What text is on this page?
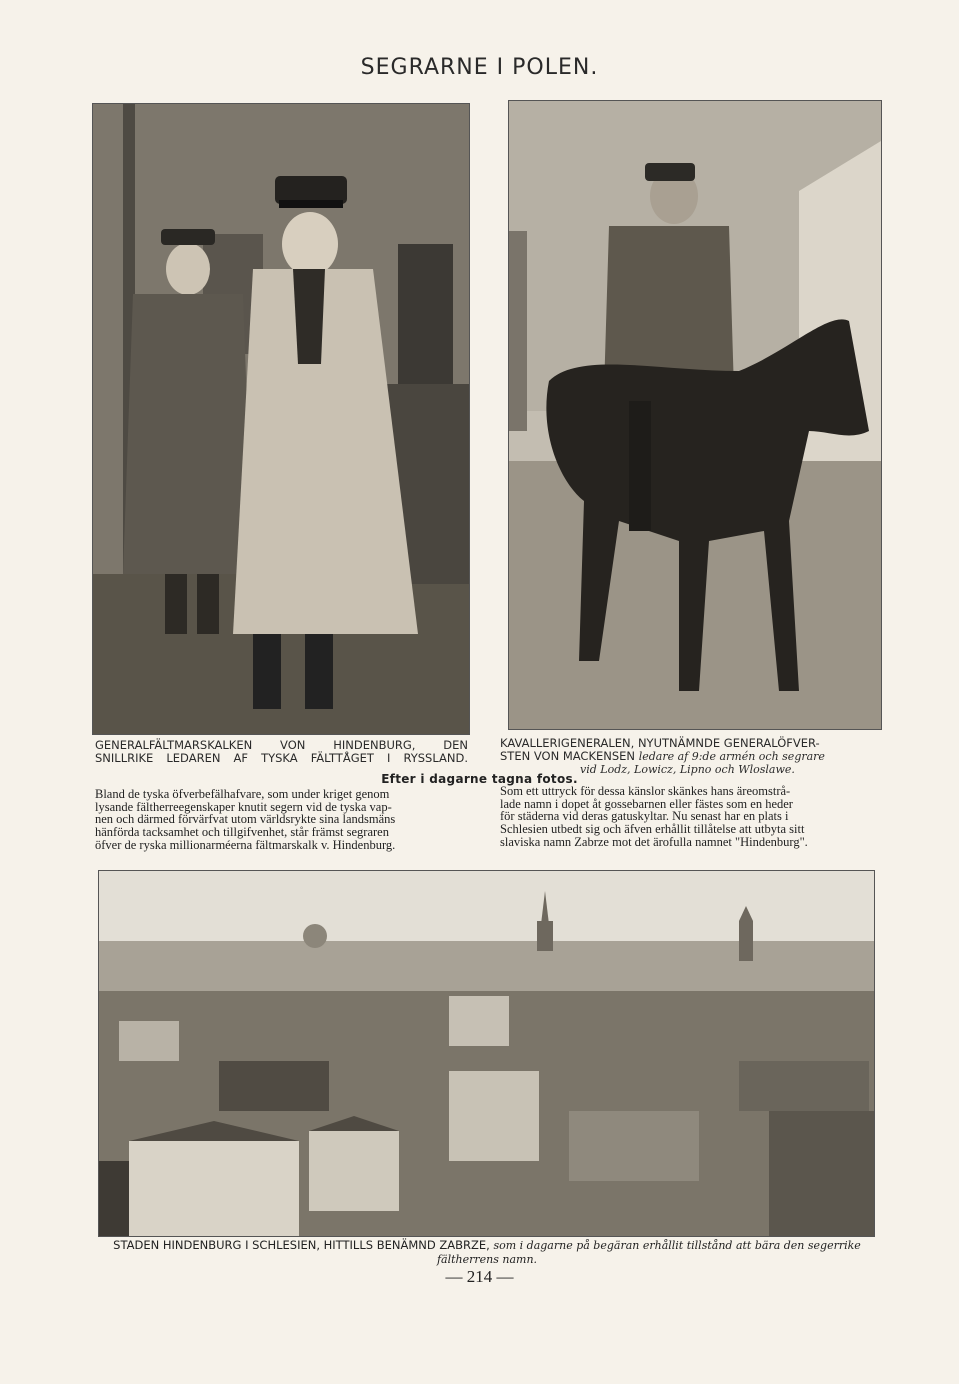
SEGRARNE I POLEN.
GENERALFÄLTMARSKALKEN VON HINDENBURG, DEN
SNILLRIKE LEDAREN AF TYSKA FÄLTTÅGET I RYSSLAND.
KAVALLERIGENERALEN, NYUTNÄMNDE GENERALÖFVER-
STEN VON MACKENSEN ledare af 9:de armén och segrare
vid Lodz, Lowicz, Lipno och Wloslawe.
Efter i dagarne tagna fotos.
Bland de tyska öfverbefälhafvare, som under kriget genom
lysande fältherreegenskaper knutit segern vid de tyska vap-
nen och därmed förvärfvat utom världsrykte sina landsmäns
hänförda tacksamhet och tillgifvenhet, står främst segraren
öfver de ryska millionarméerna fältmarskalk v. Hindenburg.
Som ett uttryck för dessa känslor skänkes hans äreomstrå-
lade namn i dopet åt gossebarnen eller fästes som en heder
för städerna vid deras gatuskyltar. Nu senast har en plats i
Schlesien utbedt sig och äfven erhållit tillåtelse att utbyta sitt
slaviska namn Zabrze mot det ärofulla namnet "Hindenburg".
STADEN HINDENBURG I SCHLESIEN, HITTILLS BENÄMND ZABRZE, som i dagarne på begäran erhållit tillstånd att bära den segerrike fältherrens namn.
— 214 —
